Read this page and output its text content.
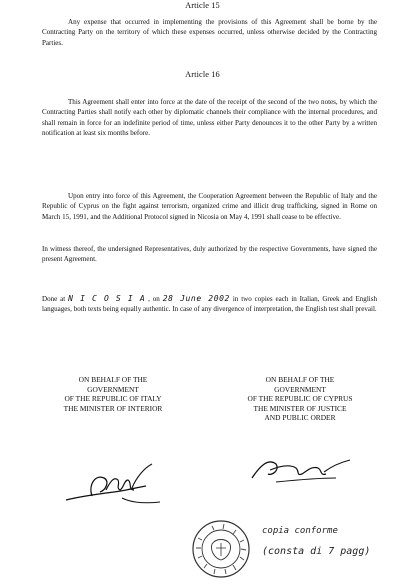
Article 15

Any expense that occurred in implementing the provisions of this Agreement shall be borne by the Contracting Party on the territory of which these expenses occurred, unless otherwise decided by the Contracting Parties.

Article 16

This Agreement shall enter into force at the date of the receipt of the second of the two notes, by which the Contracting Parties shall notify each other by diplomatic channels their compliance with the internal procedures, and shall remain in force for an indefinite period of time, unless either Party denounces it to the other Party by a written notification at least six months before.

Upon entry into force of this Agreement, the Cooperation Agreement between the Republic of Italy and the Republic of Cyprus on the fight against terrorism, organized crime and illicit drug trafficking, signed in Rome on March 15, 1991, and the Additional Protocol signed in Nicosia on May 4, 1991 shall cease to be effective.

In witness thereof, the undersigned Representatives, duly authorized by the respective Governments, have signed the present Agreement.

Done at N I C O S I A , on 28 June 2002 in two copies each in Italian, Greek and English languages, both texts being equally authentic. In case of any divergence of interpretation, the English test shall prevail.

ON BEHALF OF THE
GOVERNMENT
OF THE REPUBLIC OF ITALY
THE MINISTER OF INTERIOR
ON BEHALF OF THE
GOVERNMENT
OF THE REPUBLIC OF CYPRUS
THE MINISTER OF JUSTICE
AND PUBLIC ORDER
copia conforme
(consta di 7 pagg)
